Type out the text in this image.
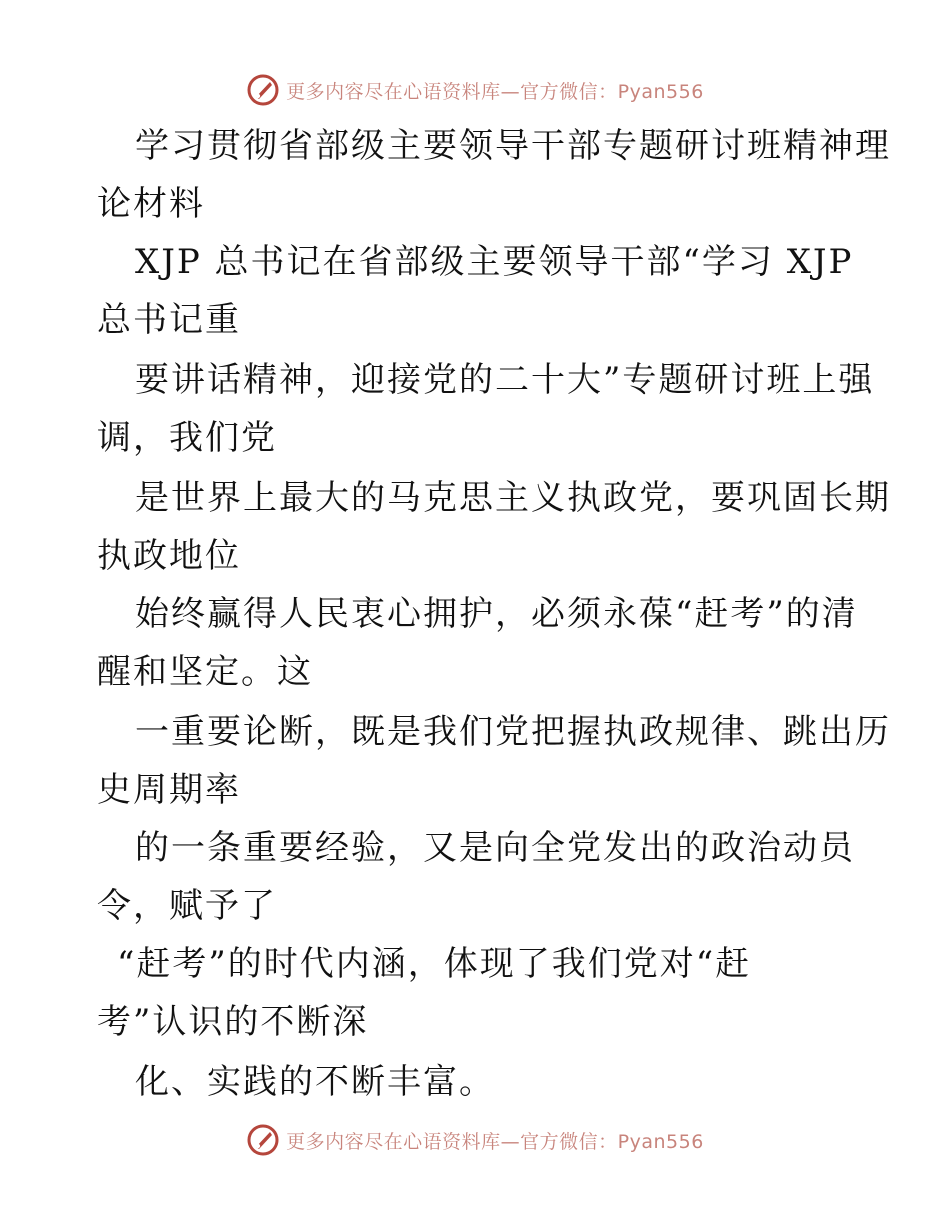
更多内容尽在心语资料库—官方微信：Pyan556
学习贯彻省部级主要领导干部专题研讨班精神理
论材料
XJP 总书记在省部级主要领导干部“学习 XJP
总书记重
要讲话精神，迎接党的二十大”专题研讨班上强
调，我们党
是世界上最大的马克思主义执政党，要巩固长期
执政地位
始终赢得人民衷心拥护，必须永葆“赶考”的清
醒和坚定。这
一重要论断，既是我们党把握执政规律、跳出历
史周期率
的一条重要经验，又是向全党发出的政治动员
令，赋予了
“赶考”的时代内涵，体现了我们党对“赶
考”认识的不断深
化、实践的不断丰富。
更多内容尽在心语资料库—官方微信：Pyan556
